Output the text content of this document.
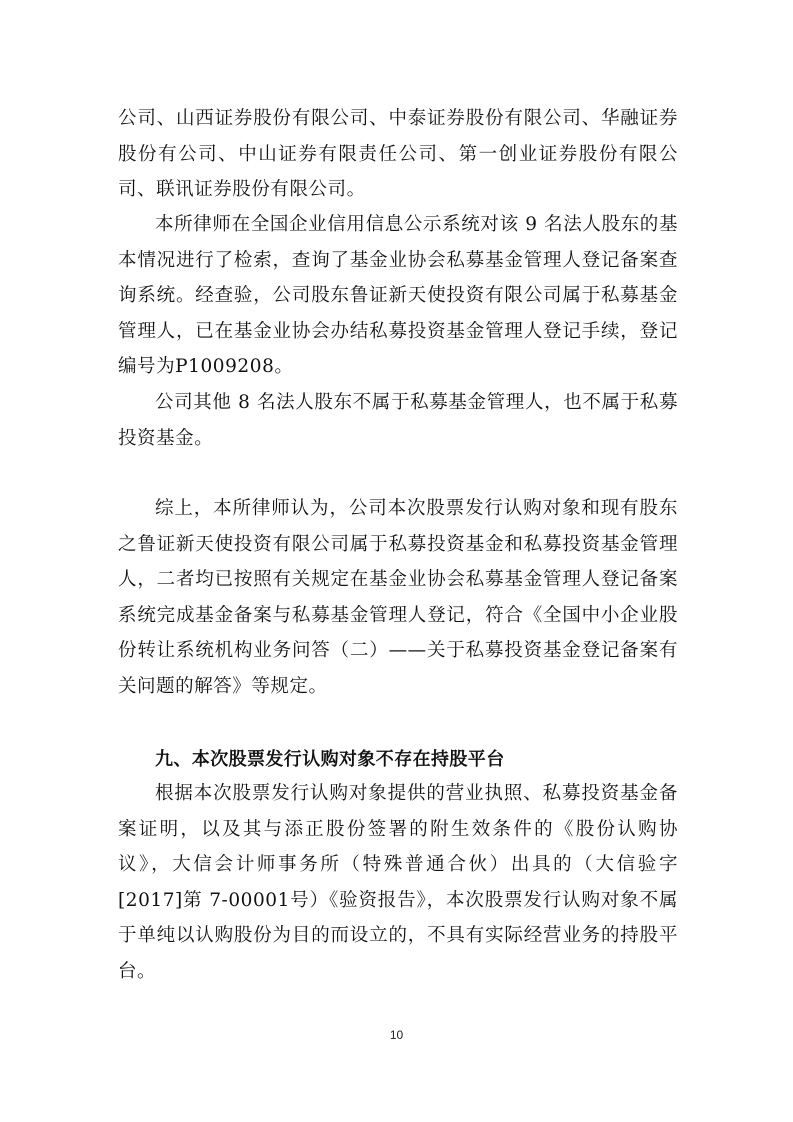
公司、山西证券股份有限公司、中泰证券股份有限公司、华融证券股份有公司、中山证券有限责任公司、第一创业证券股份有限公司、联讯证券股份有限公司。

本所律师在全国企业信用信息公示系统对该 9 名法人股东的基本情况进行了检索，查询了基金业协会私募基金管理人登记备案查询系统。经查验，公司股东鲁证新天使投资有限公司属于私募基金管理人，已在基金业协会办结私募投资基金管理人登记手续，登记编号为P1009208。

公司其他 8 名法人股东不属于私募基金管理人，也不属于私募投资基金。

综上，本所律师认为，公司本次股票发行认购对象和现有股东之鲁证新天使投资有限公司属于私募投资基金和私募投资基金管理人，二者均已按照有关规定在基金业协会私募基金管理人登记备案系统完成基金备案与私募基金管理人登记，符合《全国中小企业股份转让系统机构业务问答（二）——关于私募投资基金登记备案有关问题的解答》等规定。

九、本次股票发行认购对象不存在持股平台

根据本次股票发行认购对象提供的营业执照、私募投资基金备案证明，以及其与添正股份签署的附生效条件的《股份认购协议》，大信会计师事务所（特殊普通合伙）出具的（大信验字[2017]第 7-00001号）《验资报告》，本次股票发行认购对象不属于单纯以认购股份为目的而设立的，不具有实际经营业务的持股平台。

10
